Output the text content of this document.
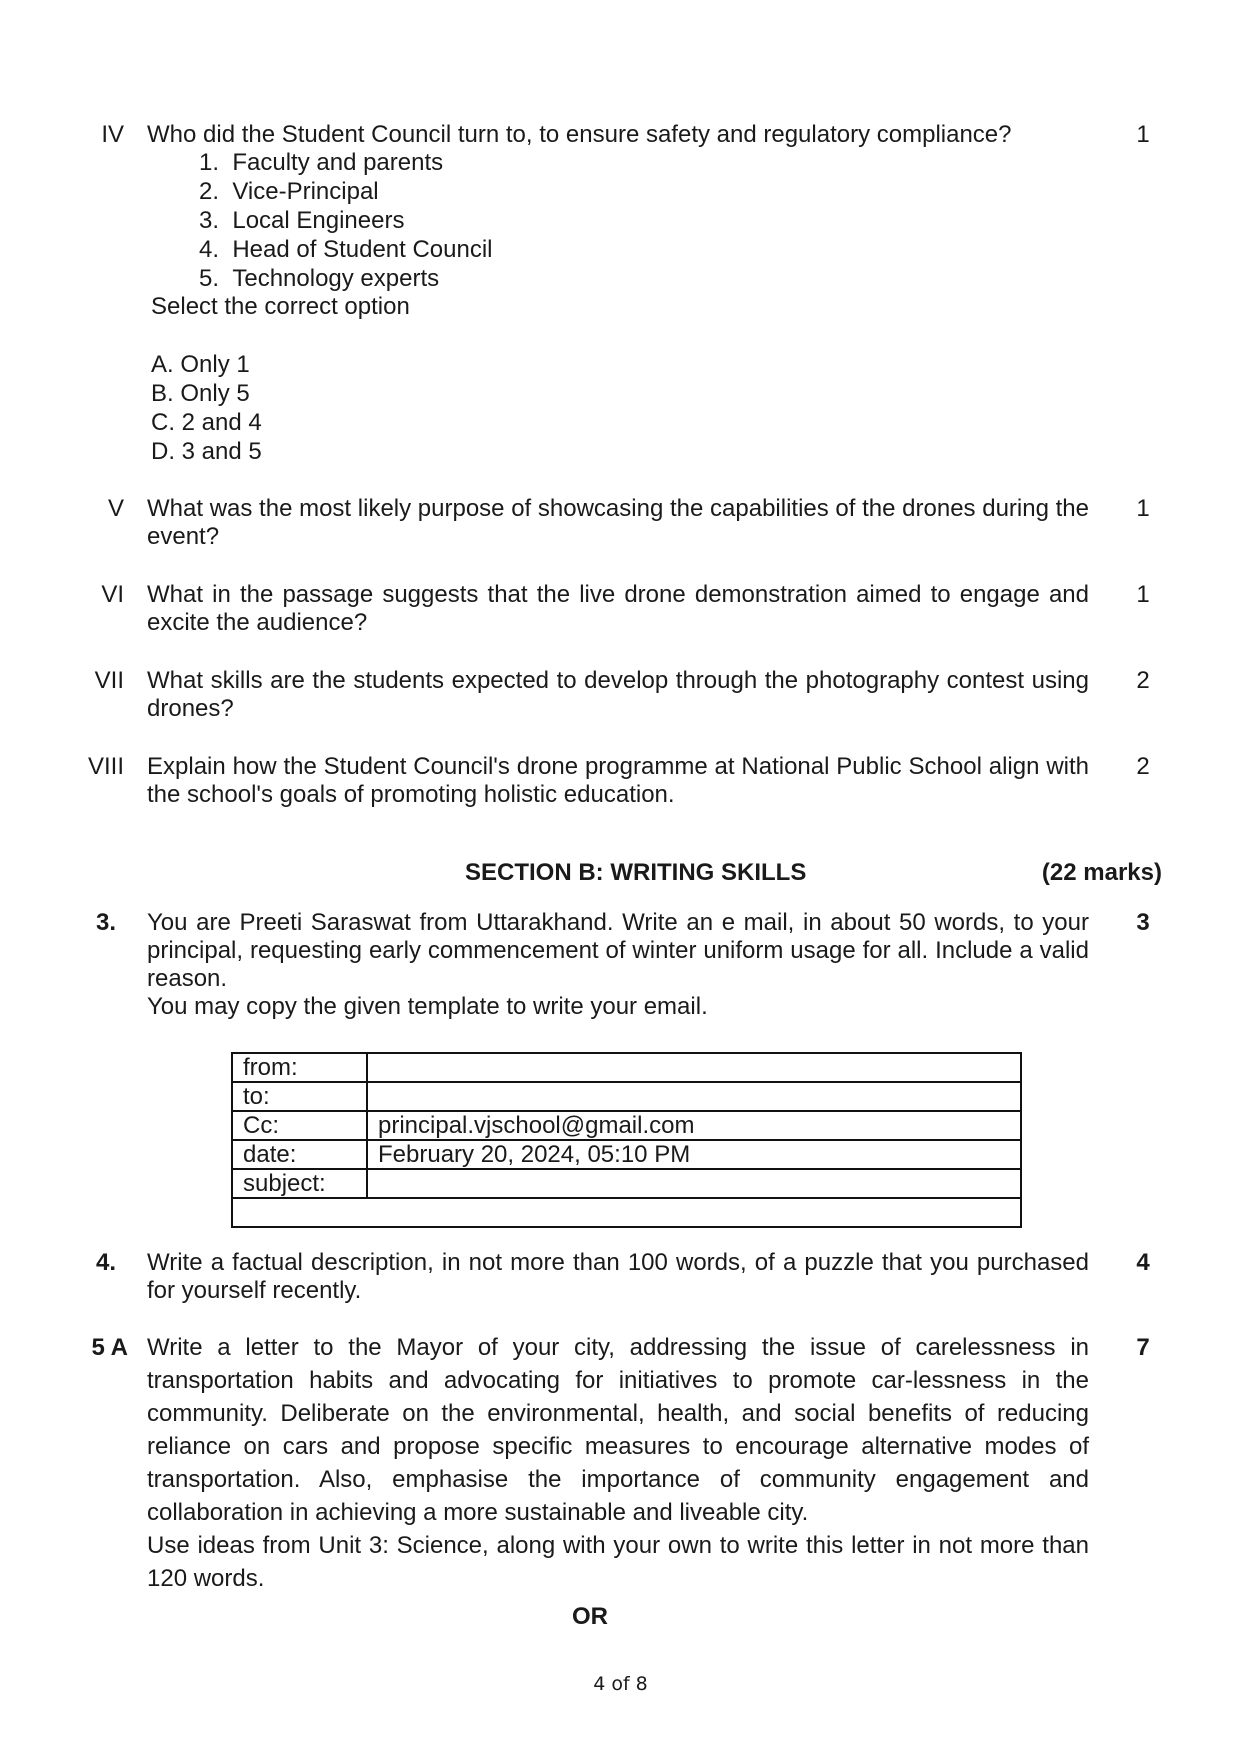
IV Who did the Student Council turn to, to ensure safety and regulatory compliance?	1
1. Faculty and parents
2. Vice-Principal
3. Local Engineers
4. Head of Student Council
5. Technology experts
Select the correct option
A. Only 1
B. Only 5
C. 2 and 4
D. 3 and 5
V What was the most likely purpose of showcasing the capabilities of the drones during the event?
1
VI What in the passage suggests that the live drone demonstration aimed to engage and excite the audience?
1
VII What skills are the students expected to develop through the photography contest using drones?
2
VIII Explain how the Student Council's drone programme at National Public School align with the school's goals of promoting holistic education.
2
SECTION B: WRITING SKILLS	(22 marks)
3. You are Preeti Saraswat from Uttarakhand. Write an e mail, in about 50 words, to your principal, requesting early commencement of winter uniform usage for all. Include a valid reason.
You may copy the given template to write your email.
3
from:	
to:	
Cc:	principal.vjschool@gmail.com
date:	February 20, 2024, 05:10 PM
subject:	

4. Write a factual description, in not more than 100 words, of a puzzle that you purchased for yourself recently.
4
5 A Write a letter to the Mayor of your city, addressing the issue of carelessness in transportation habits and advocating for initiatives to promote car-lessness in the community. Deliberate on the environmental, health, and social benefits of reducing reliance on cars and propose specific measures to encourage alternative modes of transportation. Also, emphasise the importance of community engagement and collaboration in achieving a more sustainable and liveable city.
Use ideas from Unit 3: Science, along with your own to write this letter in not more than 120 words.
7
OR
4 of 8
